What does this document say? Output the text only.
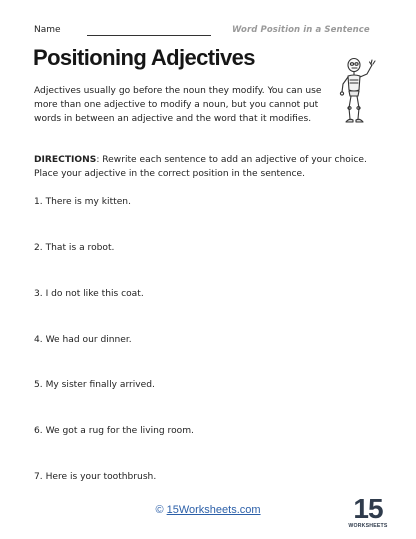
Name	Word Position in a Sentence
Positioning Adjectives
Adjectives usually go before the noun they modify. You can use more than one adjective to modify a noun, but you cannot put words in between an adjective and the word that it modifies.
DIRECTIONS: Rewrite each sentence to add an adjective of your choice. Place your adjective in the correct position in the sentence.
1. There is my kitten.
2. That is a robot.
3. I do not like this coat.
4. We had our dinner.
5. My sister finally arrived.
6. We got a rug for the living room.
7. Here is your toothbrush.
© 15Worksheets.com	15
WORKSHEETS
